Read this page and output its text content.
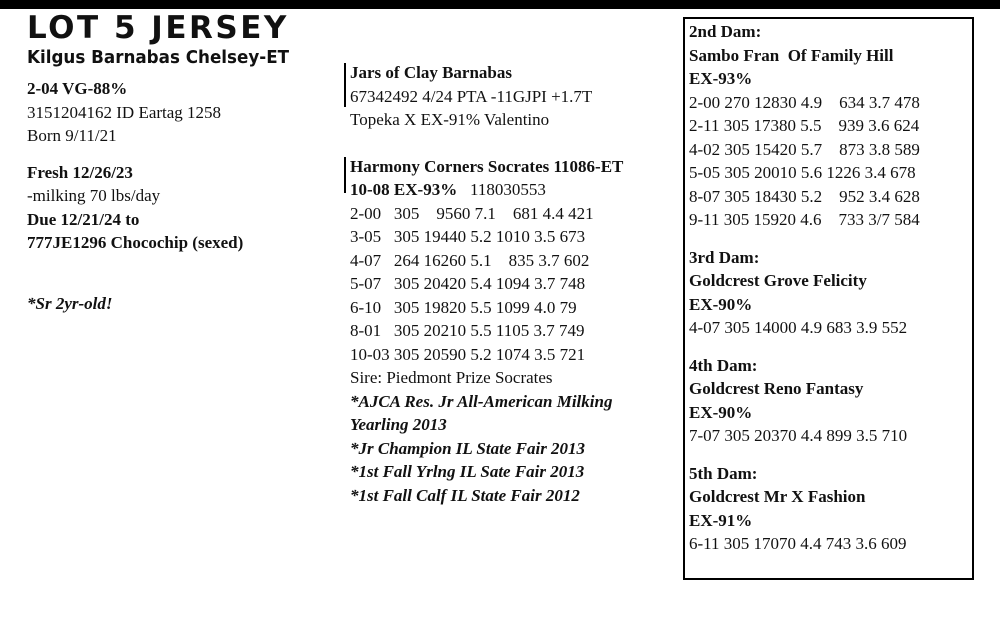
LOT 5 JERSEY
Kilgus Barnabas Chelsey-ET
2-04 VG-88%
3151204162 ID Eartag 1258
Born 9/11/21
Fresh 12/26/23
-milking 70 lbs/day
Due 12/21/24 to
777JE1296 Chocochip (sexed)
*Sr 2yr-old!
Jars of Clay Barnabas
67342492 4/24 PTA -11GJPI +1.7T
Topeka X EX-91% Valentino
Harmony Corners Socrates 11086-ET
10-08 EX-93% 118030553
2-00   305    9560 7.1    681 4.4 421
3-05   305 19440 5.2 1010 3.5 673
4-07   264 16260 5.1    835 3.7 602
5-07   305 20420 5.4 1094 3.7 748
6-10   305 19820 5.5 1099 4.0 79
8-01   305 20210 5.5 1105 3.7 749
10-03 305 20590 5.2 1074 3.5 721
Sire: Piedmont Prize Socrates
*AJCA Res. Jr All-American Milking
Yearling 2013
*Jr Champion IL State Fair 2013
*1st Fall Yrlng IL Sate Fair 2013
*1st Fall Calf IL State Fair 2012
2nd Dam:
Sambo Fran  Of Family Hill
EX-93%
2-00 270 12830 4.9    634 3.7 478
2-11 305 17380 5.5    939 3.6 624
4-02 305 15420 5.7    873 3.8 589
5-05 305 20010 5.6 1226 3.4 678
8-07 305 18430 5.2    952 3.4 628
9-11 305 15920 4.6    733 3/7 584
3rd Dam:
Goldcrest Grove Felicity
EX-90%
4-07 305 14000 4.9 683 3.9 552
4th Dam:
Goldcrest Reno Fantasy
EX-90%
7-07 305 20370 4.4 899 3.5 710
5th Dam:
Goldcrest Mr X Fashion
EX-91%
6-11 305 17070 4.4 743 3.6 609
